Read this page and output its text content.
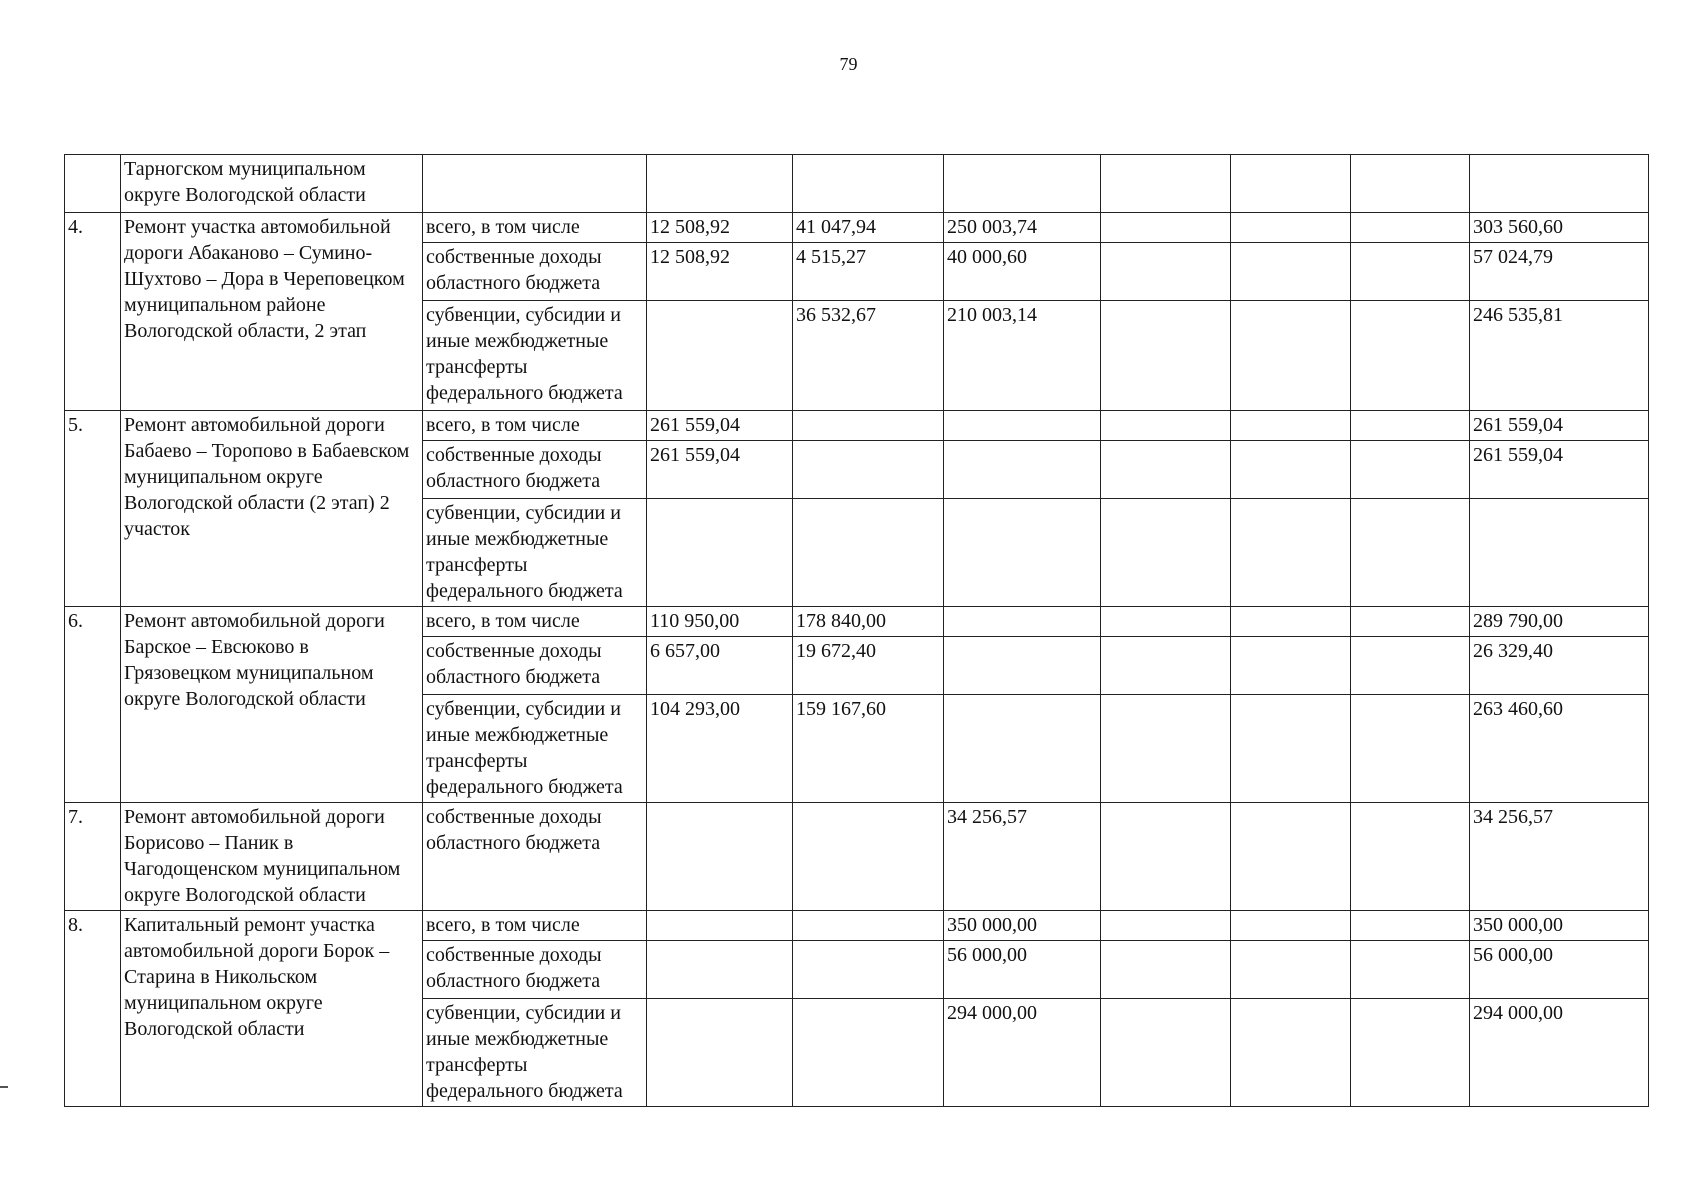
79
	Тарногском муниципальном округе Вологодской области								
4.	Ремонт участка автомобильной дороги Абаканово – Сумино-Шухтово – Дора в Череповецком муниципальном районе Вологодской области, 2 этап	всего, в том числе	12 508,92	41 047,94	250 003,74				303 560,60
		собственные доходы областного бюджета	12 508,92	4 515,27	40 000,60				57 024,79
		субвенции, субсидии и иные межбюджетные трансферты федерального бюджета		36 532,67	210 003,14				246 535,81
5.	Ремонт автомобильной дороги Бабаево – Торопово в Бабаевском муниципальном округе Вологодской области (2 этап) 2 участок	всего, в том числе	261 559,04						261 559,04
		собственные доходы областного бюджета	261 559,04						261 559,04
		субвенции, субсидии и иные межбюджетные трансферты федерального бюджета							
6.	Ремонт автомобильной дороги Барское – Евсюково в Грязовецком муниципальном округе Вологодской области	всего, в том числе	110 950,00	178 840,00					289 790,00
		собственные доходы областного бюджета	6 657,00	19 672,40					26 329,40
		субвенции, субсидии и иные межбюджетные трансферты федерального бюджета	104 293,00	159 167,60					263 460,60
7.	Ремонт автомобильной дороги Борисово – Паник в Чагодощенском муниципальном округе Вологодской области	собственные доходы областного бюджета			34 256,57				34 256,57
8.	Капитальный ремонт участка автомобильной дороги Борок – Старина в Никольском муниципальном округе Вологодской области	всего, в том числе			350 000,00				350 000,00
		собственные доходы областного бюджета			56 000,00				56 000,00
		субвенции, субсидии и иные межбюджетные трансферты федерального бюджета			294 000,00				294 000,00
